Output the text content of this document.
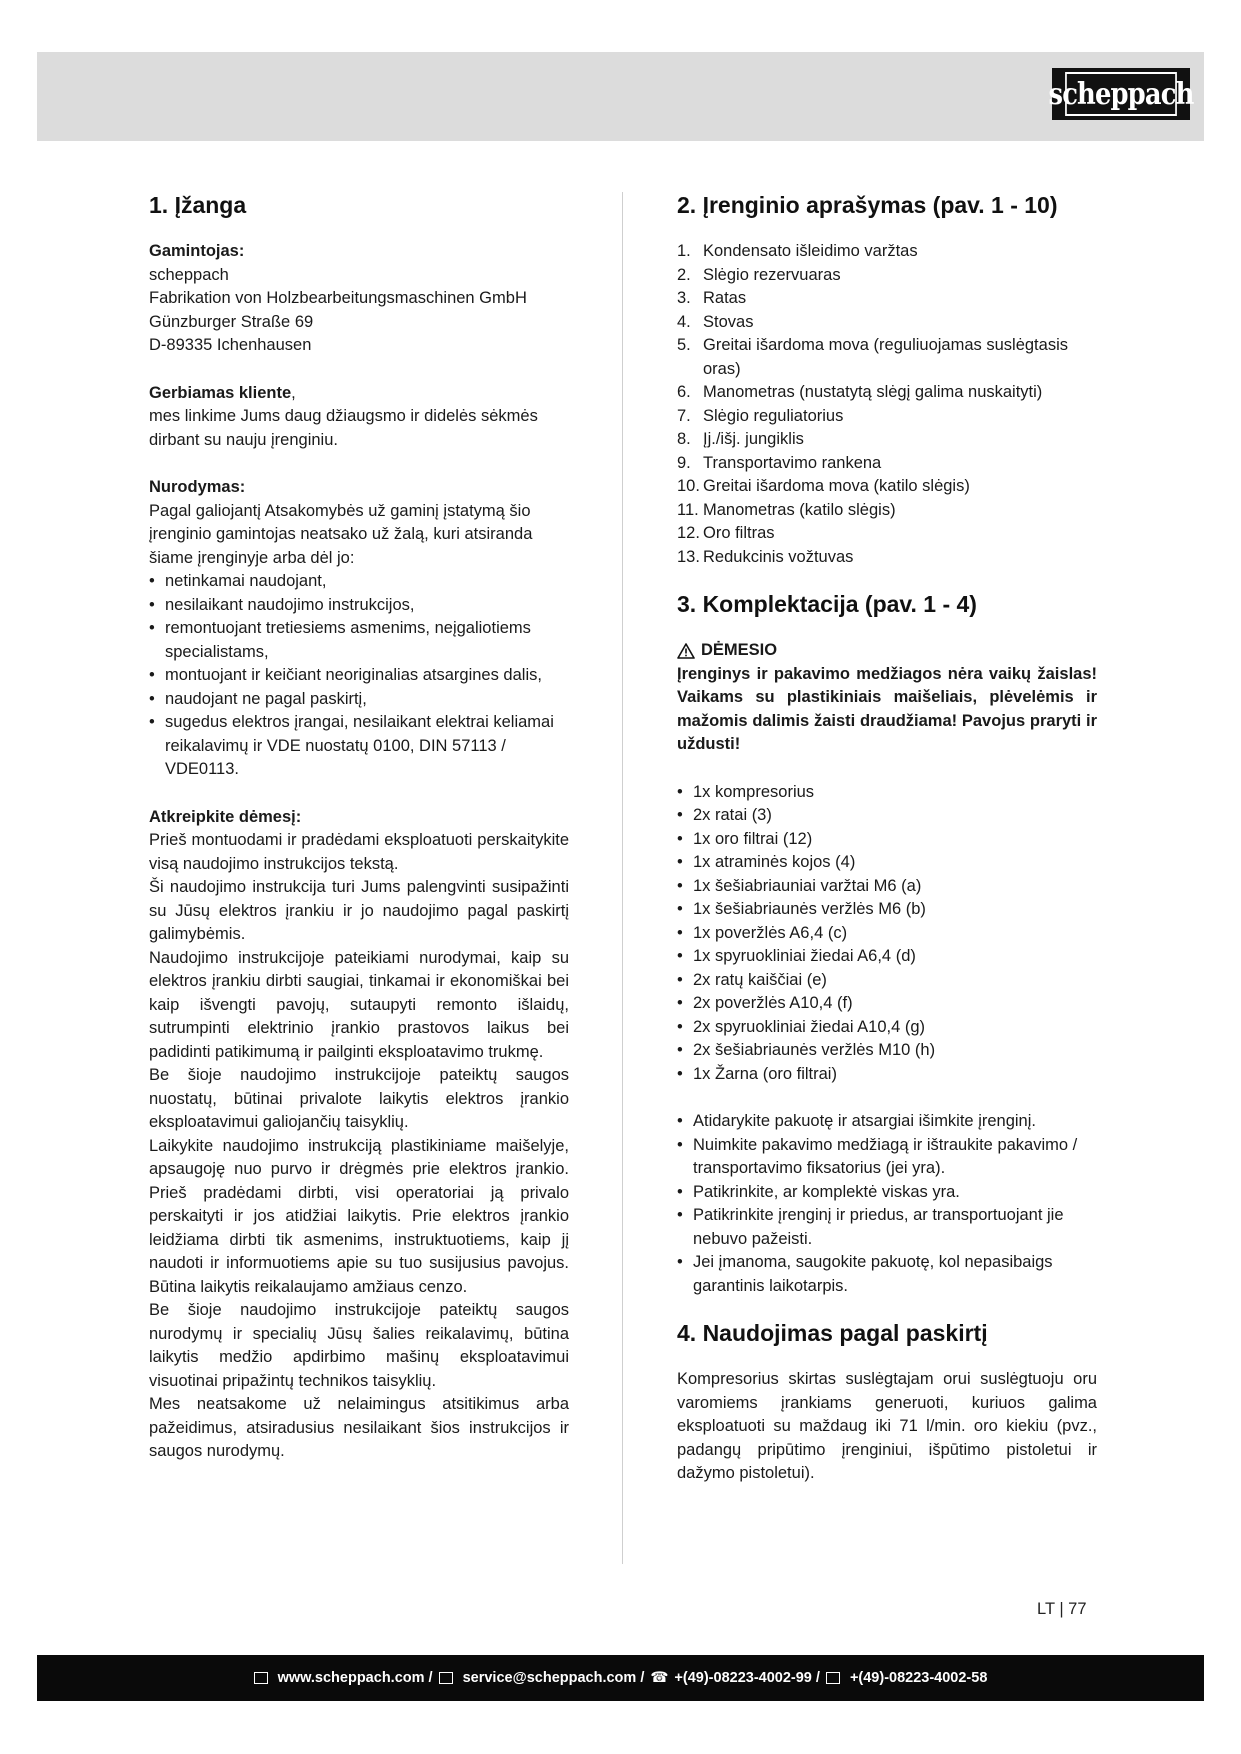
scheppach
1. Įžanga
Gamintojas:
scheppach
Fabrikation von Holzbearbeitungsmaschinen GmbH
Günzburger Straße 69
D-89335 Ichenhausen
Gerbiamas kliente,

mes linkime Jums daug džiaugsmo ir didelės sėkmės dirbant su nauju įrenginiu.

Nurodymas:

Pagal galiojantį Atsakomybės už gaminį įstatymą šio įrenginio gamintojas neatsako už žalą, kuri atsiranda šiame įrenginyje arba dėl jo:

• netinkamai naudojant,
• nesilaikant naudojimo instrukcijos,
• remontuojant tretiesiems asmenims, neįgaliotiems specialistams,
• montuojant ir keičiant neoriginalias atsargines dalis,
• naudojant ne pagal paskirtį,
• sugedus elektros įrangai, nesilaikant elektrai keliamai reikalavimų ir VDE nuostatų 0100, DIN 57113 / VDE0113.
Atkreipkite dėmesį:

Prieš montuodami ir pradėdami eksploatuoti perskaitykite visą naudojimo instrukcijos tekstą.

Ši naudojimo instrukcija turi Jums palengvinti susipažinti su Jūsų elektros įrankiu ir jo naudojimo pagal paskirtį galimybėmis.

Naudojimo instrukcijoje pateikiami nurodymai, kaip su elektros įrankiu dirbti saugiai, tinkamai ir ekonomiškai bei kaip išvengti pavojų, sutaupyti remonto išlaidų, sutrumpinti elektrinio įrankio prastovos laikus bei padidinti patikimumą ir pailginti eksploatavimo trukmę.

Be šioje naudojimo instrukcijoje pateiktų saugos nuostatų, būtinai privalote laikytis elektros įrankio eksploatavimui galiojančių taisyklių.

Laikykite naudojimo instrukciją plastikiniame maišelyje, apsaugoję nuo purvo ir drėgmės prie elektros įrankio. Prieš pradėdami dirbti, visi operatoriai ją privalo perskaityti ir jos atidžiai laikytis. Prie elektros įrankio leidžiama dirbti tik asmenims, instruktuotiems, kaip jį naudoti ir informuotiems apie su tuo susijusius pavojus. Būtina laikytis reikalaujamo amžiaus cenzo.

Be šioje naudojimo instrukcijoje pateiktų saugos nurodymų ir specialių Jūsų šalies reikalavimų, būtina laikytis medžio apdirbimo mašinų eksploatavimui visuotinai pripažintų technikos taisyklių.

Mes neatsakome už nelaimingus atsitikimus arba pažeidimus, atsiradusius nesilaikant šios instrukcijos ir saugos nurodymų.

2. Įrenginio aprašymas (pav. 1 - 10)
1. Kondensato išleidimo varžtas
2. Slėgio rezervuaras
3. Ratas
4. Stovas
5. Greitai išardoma mova (reguliuojamas suslėgtasis oras)
6. Manometras (nustatytą slėgį galima nuskaityti)
7. Slėgio reguliatorius
8. Įj./išj. jungiklis
9. Transportavimo rankena
10. Greitai išardoma mova (katilo slėgis)
11. Manometras (katilo slėgis)
12. Oro filtras
13. Redukcinis vožtuvas
3. Komplektacija (pav. 1 - 4)
DĖMESIO

Įrenginys ir pakavimo medžiagos nėra vaikų žaislas! Vaikams su plastikiniais maišeliais, plėvelėmis ir mažomis dalimis žaisti draudžiama! Pavojus praryti ir uždusti!

• 1x kompresorius
• 2x ratai (3)
• 1x oro filtrai (12)
• 1x atraminės kojos (4)
• 1x šešiabriauniai varžtai M6 (a)
• 1x šešiabriaunės veržlės M6 (b)
• 1x poveržlės A6,4 (c)
• 1x spyruokliniai žiedai A6,4 (d)
• 2x ratų kaiščiai (e)
• 2x poveržlės A10,4 (f)
• 2x spyruokliniai žiedai A10,4 (g)
• 2x šešiabriaunės veržlės M10 (h)
• 1x Žarna (oro filtrai)
• Atidarykite pakuotę ir atsargiai išimkite įrenginį.
• Nuimkite pakavimo medžiagą ir ištraukite pakavimo / transportavimo fiksatorius (jei yra).
• Patikrinkite, ar komplektė viskas yra.
• Patikrinkite įrenginį ir priedus, ar transportuojant jie nebuvo pažeisti.
• Jei įmanoma, saugokite pakuotę, kol nepasibaigs garantinis laikotarpis.
4. Naudojimas pagal paskirtį

Kompresorius skirtas suslėgtajam orui suslėgtuoju oru varomiems įrankiams generuoti, kuriuos galima eksploatuoti su maždaug iki 71 l/min. oro kiekiu (pvz., padangų pripūtimo įrenginiui, išpūtimo pistoletui ir dažymo pistoletui).

LT | 77
www.scheppach.com / service@scheppach.com / ☎ +(49)-08223-4002-99 / +(49)-08223-4002-58
